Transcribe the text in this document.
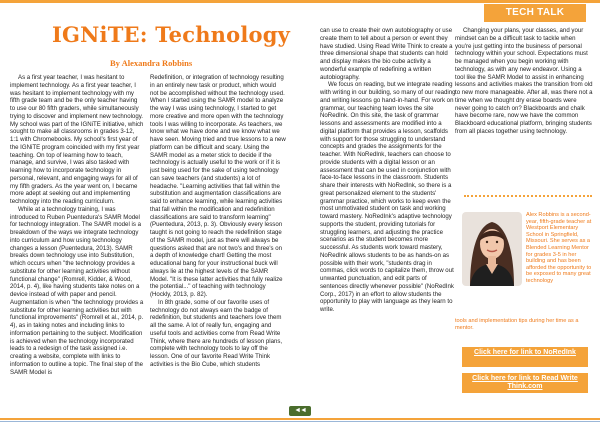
TECH TALK
IGNiTE: Technology
By Alexandra Robbins

As a first year teacher, I was hesitant to implement technology. As a first year teacher, I was hesitant to implement technology with my fifth grade team and be the only teacher having to use our 80 fifth graders, while simultaneously trying to discover and implement new technology. My school was part of the IGNiTE initiative, which sought to make all classrooms in grades 3-12, 1:1 with Chromebooks. My school's first year of the IGNiTE program coincided with my first year teaching. On top of learning how to teach, manage, and survive, I was also tasked with learning how to incorporate technology in personal, relevant, and engaging ways for all of my fifth graders. As the year went on, I became more adept at seeking out and implementing technology into the reading curriculum.

While at a technology training, I was introduced to Ruben Puentedura's SAMR Model for technology integration. The SAMR model is a breakdown of the ways we integrate technology into curriculum and how using technology changes a lesson (Puentedura, 2013). SAMR breaks down technology use into Substitution, which occurs when "the technology provides a substitute for other learning activities without functional change" (Romrell, Kidder, & Wood, 2014, p. 4), like having students take notes on a device instead of with paper and pencil. Augmentation is when "the technology provides a substitute for other learning activities but with functional improvements" (Romrell et al., 2014, p. 4), as in taking notes and including links to information pertaining to the subject. Modification is achieved when the technology incorporated leads to a redesign of the task assigned i.e. creating a website, complete with links to information to outline a topic. The final step of the SAMR Model is

Redefinition, or integration of technology resulting in an entirely new task or product, which would not be accomplished without the technology used. When I started using the SAMR model to analyze the way I was using technology, I started to get more creative and more open with the technology tools I was willing to incorporate. As teachers, we know what we have done and we know what we have seen. Moving tried and true lessons to a new platform can be difficult and scary. Using the SAMR model as a meter stick to decide if the technology is actually useful to the work or if it is just being used for the sake of using technology can save teachers (and students) a lot of headache. "Learning activities that fall within the substitution and augmentation classifications are said to enhance learning, while learning activities that fall within the modification and redefinition classifications are said to transform learning" (Puentedura, 2013, p. 3). Obviously every lesson taught is not going to reach the redefinition stage of the SAMR model, just as there will always be questions asked that are not two's and three's on a depth of knowledge chart! Getting the most educational bang for your instructional buck will always lie at the highest levels of the SAMR Model. "It is these latter activities that fully realize the potential..." of teaching with technology (Hockly, 2013, p. 82).

In 8th grade, some of our favorite uses of technology do not always earn the badge of redefinition, but students and teachers love them all the same. A lot of really fun, engaging and useful tools and activities come from Read Write Think, where there are hundreds of lesson plans, complete with technology tools to lay off the lesson. One of our favorite Read Write Think activities is the Bio Cube, which students

can use to create their own autobiography or use create them to tell about a person or event they have studied. Using Read Write Think to create a three dimensional shape that students can hold and display makes the bio cube activity a wonderful example of redefining a written autobiography.

We focus on reading, but we integrate reading with writing in our building, so many of our reading and writing lessons go hand-in-hand. For work on grammar, our teaching team loves the site NoRedInk. On this site, the task of grammar lessons and assessments are modified into a digital platform that provides a lesson, scaffolds with support for those struggling to understand concepts and grades the assignments for the teacher. With NoRedInk, teachers can choose to provide students with a digital lesson or an assessment that can be used in conjunction with face-to-face lessons in the classroom. Students share their interests with NoRedInk, so there is a great personalized element to the students' grammar practice, which works to keep even the most unmotivated student on task and working toward mastery. NoRedInk's adaptive technology supports the student, providing tutorials for struggling learners, and adjusting the practice scenarios as the student becomes more successful. As students work toward mastery, NoRedInk allows students to be as hands-on as possible with their work, "students drag in commas, click words to capitalize them, throw out unwanted punctuation, and edit parts of sentences directly whenever possible" (NoRedInk Corp., 2017) in an effort to allow students the opportunity to play with language as they learn to write.

Changing your plans, your classes, and your mindset can be a difficult task to tackle when you're just getting into the business of personal technology within your school. Expectations must be managed when you begin working with technology, as with any new endeavor. Using a tool like the SAMR Model to assist in enhancing lessons and activities makes the transition from old to new more manageable. After all, was there not a time when we thought dry erase boards were never going to catch on? Blackboards and chalk have become rare, now we have the common Blackboard educational platform, bringing students from all places together using technology.

Alex Robbins is a second-year, fifth-grade teacher at Westport Elementary School in Springfield, Missouri. She serves as a Blended Learning Mentor for grades 3-5 in her building and has been afforded the opportunity to be exposed to many great technology
tools and implementation tips during her time as a mentor.
Click here for link to NoRedInk
Click here for link to Read Write Think.com
◄◄
